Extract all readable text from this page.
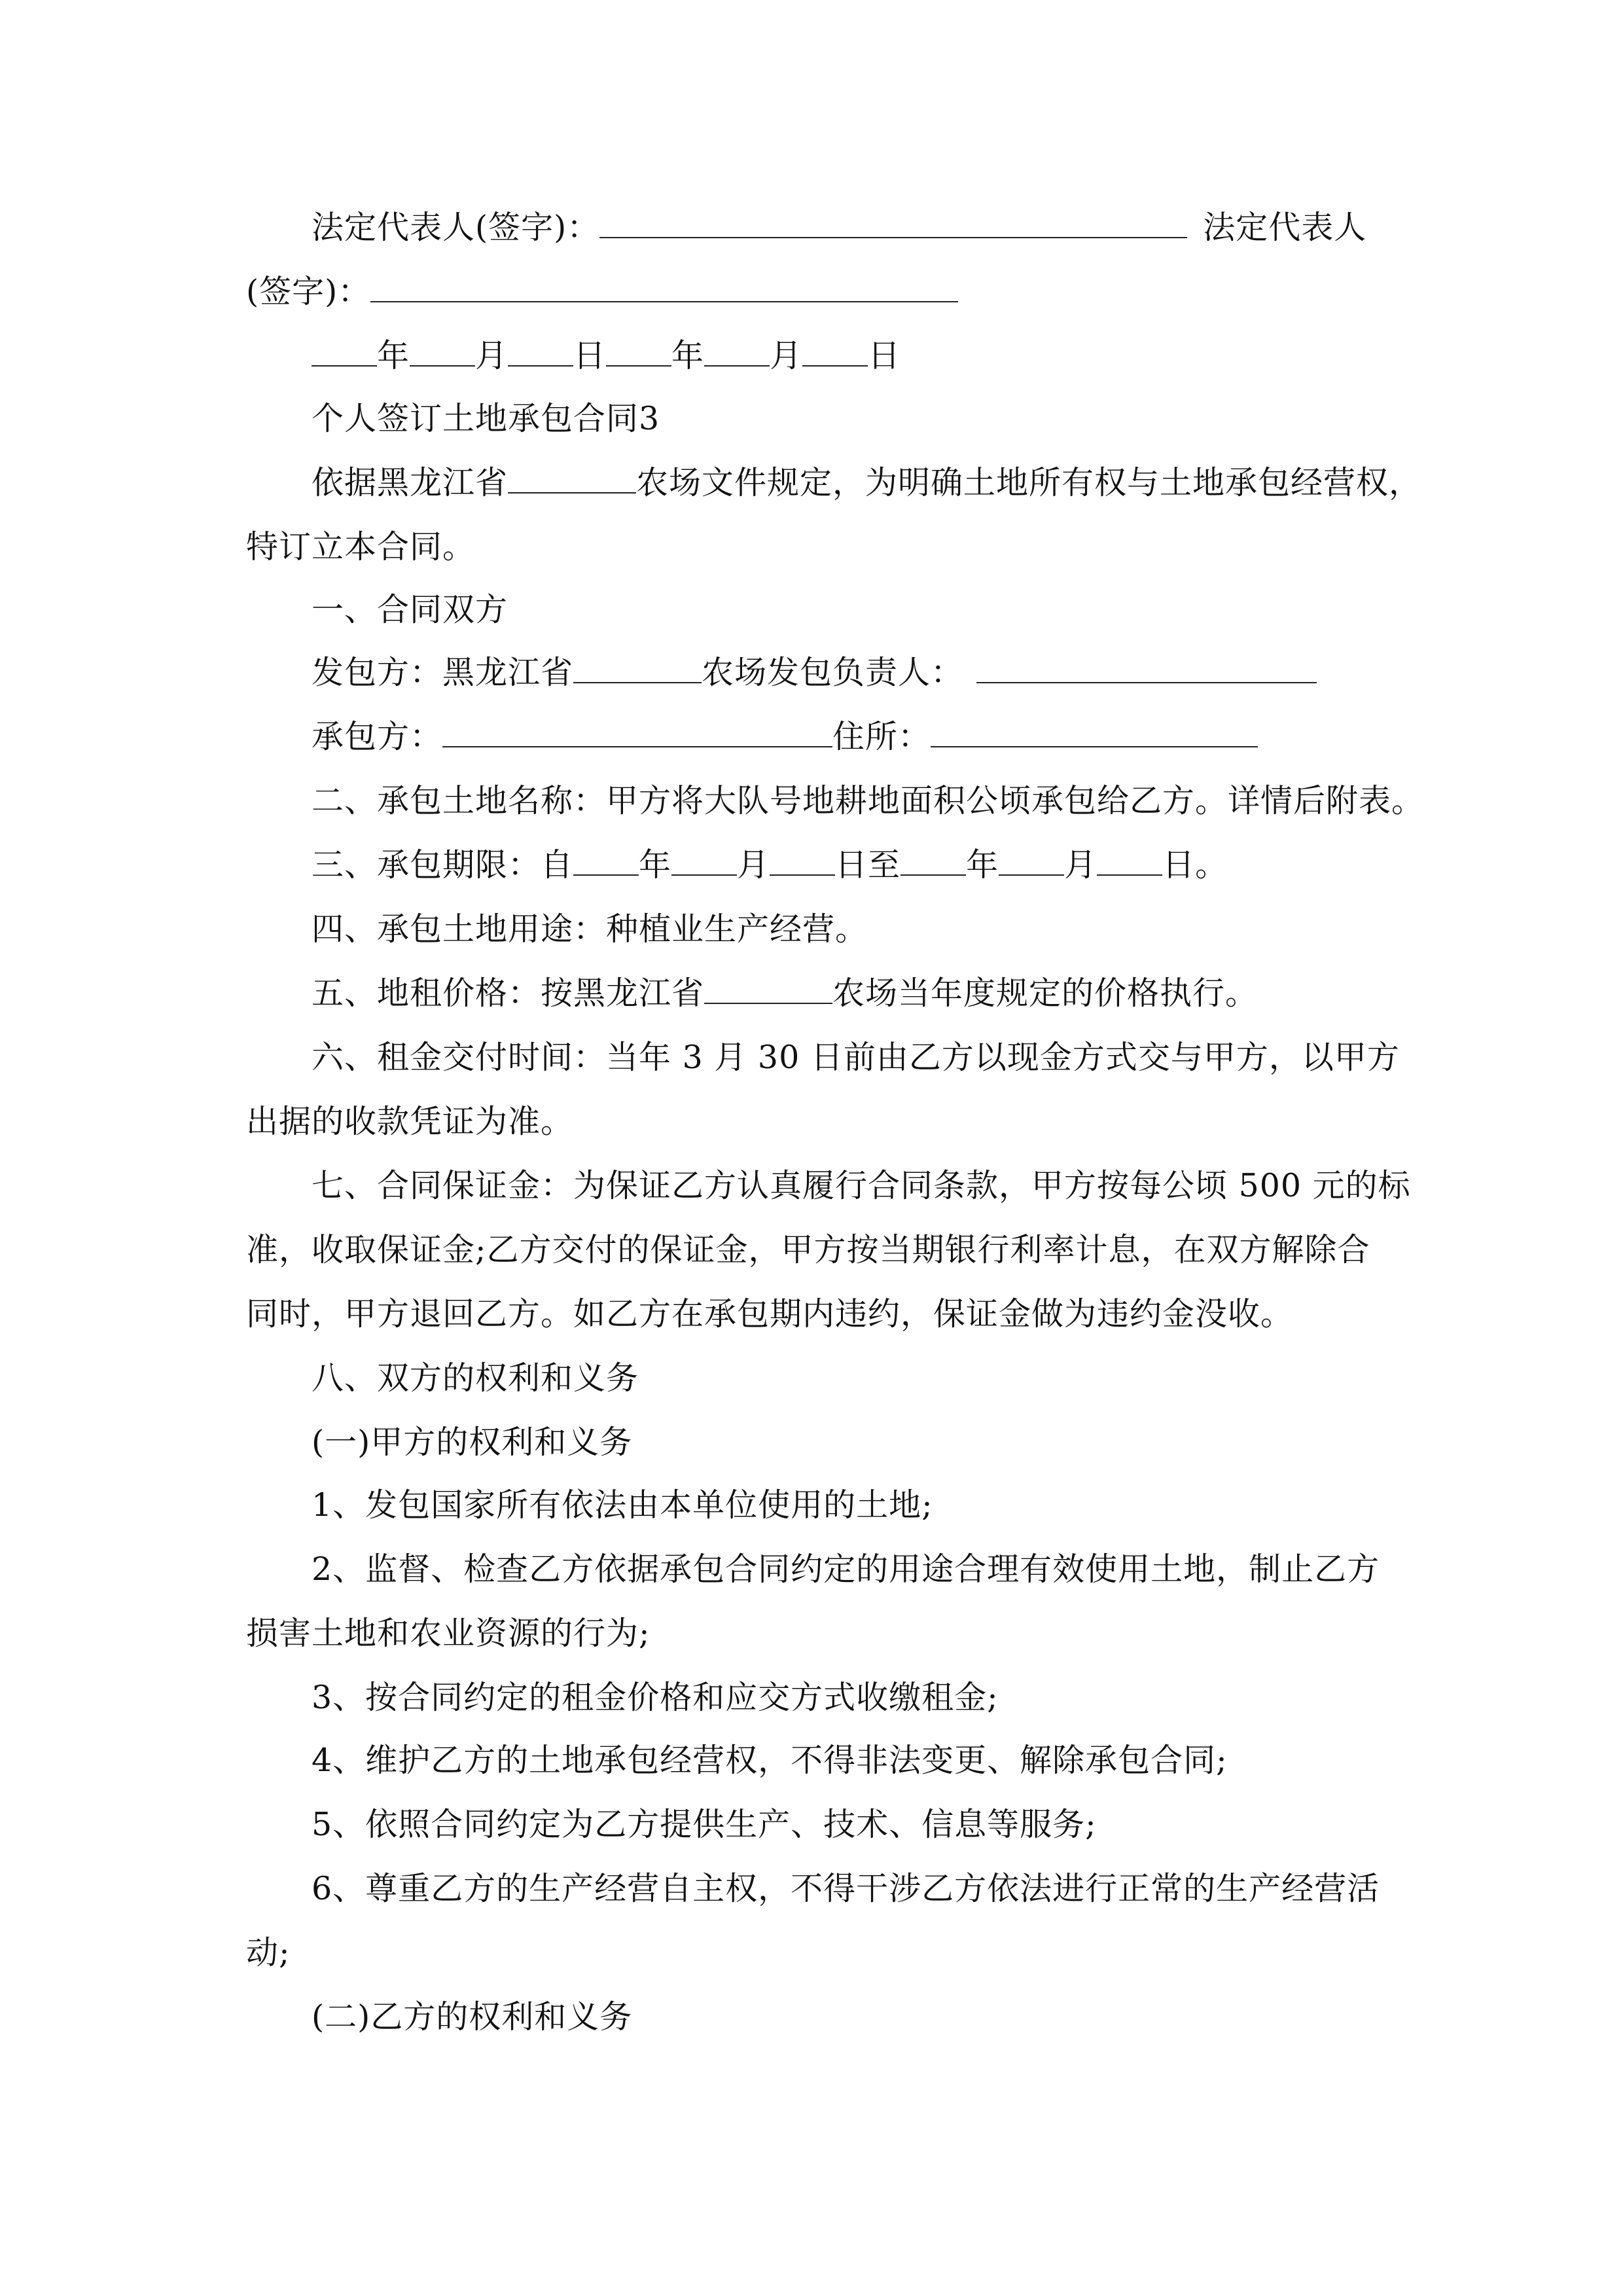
法定代表人(签字)：	法定代表人
(签字)：
年 月 日 年 月 日
个人签订土地承包合同3
依据黑龙江省	农场文件规定，为明确土地所有权与土地承包经营权，
特订立本合同。
一、合同双方
发包方：黑龙江省	农场发包负责人：
承包方：	住所：
二、承包土地名称：甲方将大队号地耕地面积公顷承包给乙方。详情后附表。
三、承包期限：自 年 月 日至 年 月 日。
四、承包土地用途：种植业生产经营。
五、地租价格：按黑龙江省	农场当年度规定的价格执行。
六、租金交付时间：当年 3 月 30 日前由乙方以现金方式交与甲方，以甲方
出据的收款凭证为准。
七、合同保证金：为保证乙方认真履行合同条款，甲方按每公顷 500 元的标
准，收取保证金;乙方交付的保证金，甲方按当期银行利率计息，在双方解除合
同时，甲方退回乙方。如乙方在承包期内违约，保证金做为违约金没收。
八、双方的权利和义务
(一)甲方的权利和义务
1、发包国家所有依法由本单位使用的土地;
2、监督、检查乙方依据承包合同约定的用途合理有效使用土地，制止乙方
损害土地和农业资源的行为;
3、按合同约定的租金价格和应交方式收缴租金;
4、维护乙方的土地承包经营权，不得非法变更、解除承包合同;
5、依照合同约定为乙方提供生产、技术、信息等服务;
6、尊重乙方的生产经营自主权，不得干涉乙方依法进行正常的生产经营活
动;
(二)乙方的权利和义务
